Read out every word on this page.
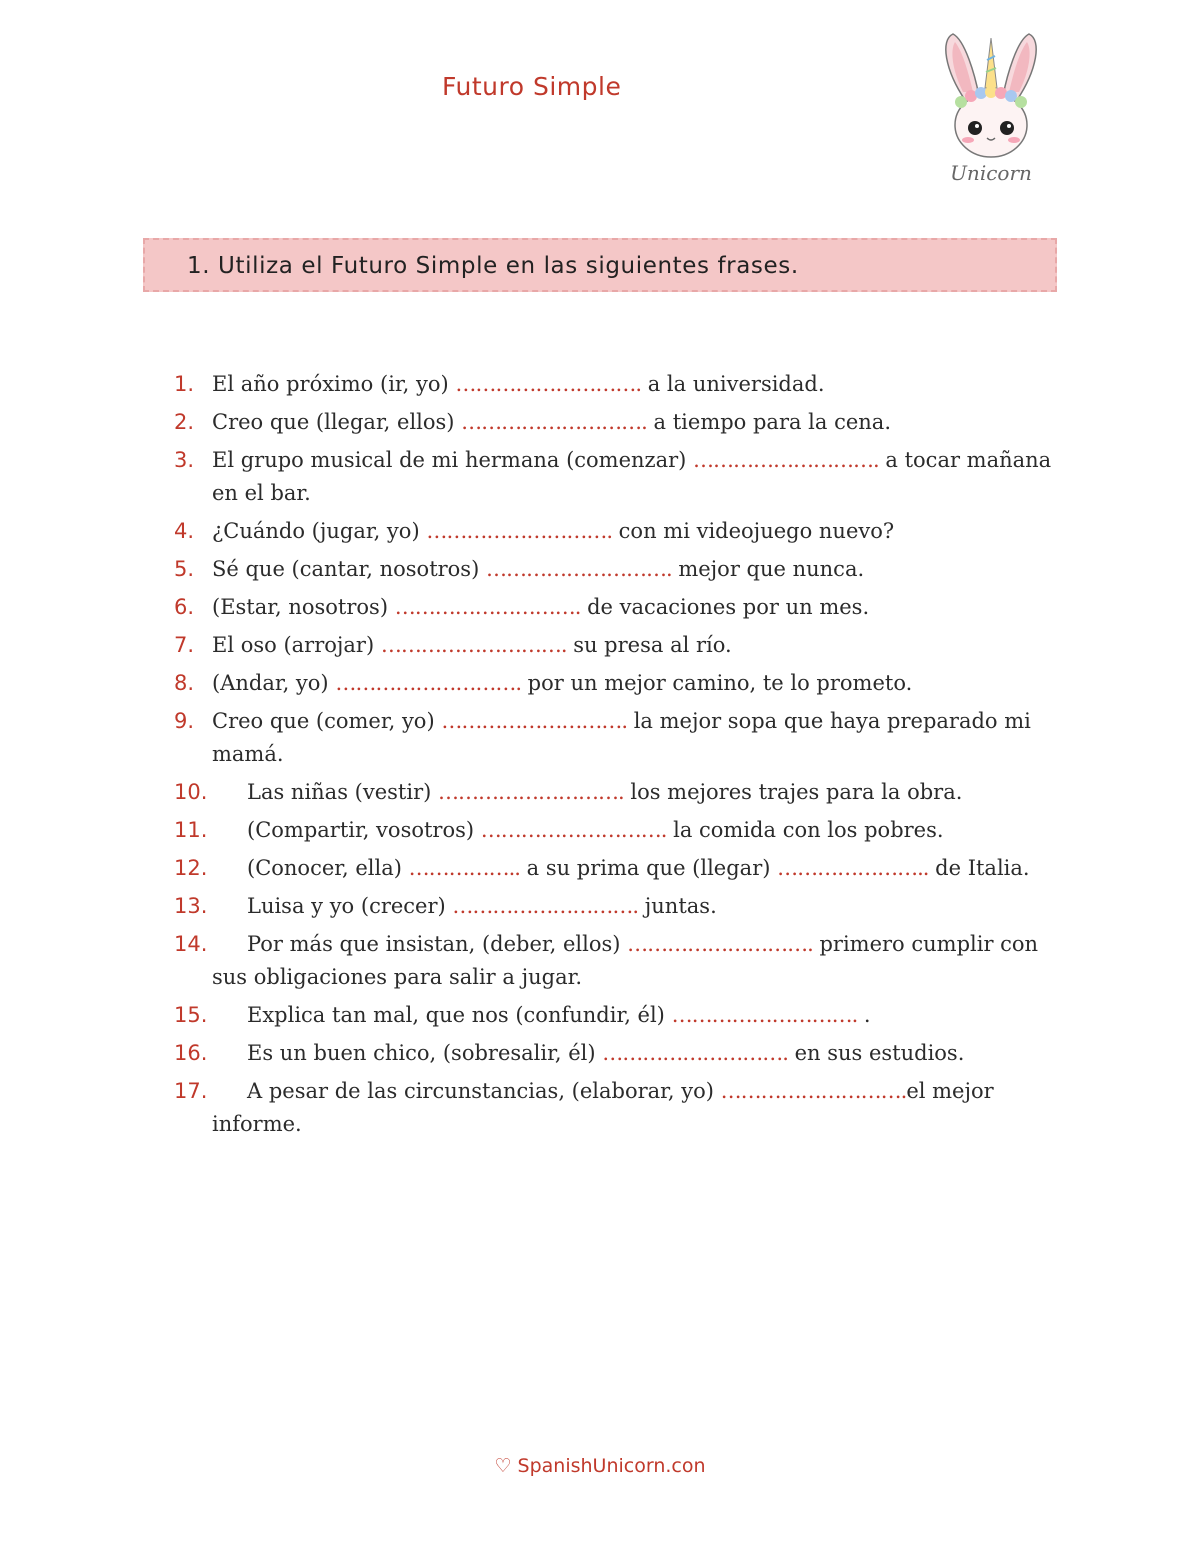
Futuro Simple
Unicorn
1. Utiliza el Futuro Simple en las siguientes frases.
1. El año próximo (ir, yo) ………………………. a la universidad.
2. Creo que (llegar, ellos) ………………………. a tiempo para la cena.
3. El grupo musical de mi hermana (comenzar) ………………………. a tocar mañana en el bar.
4. ¿Cuándo (jugar, yo) ………………………. con mi videojuego nuevo?
5. Sé que (cantar, nosotros) ………………………. mejor que nunca.
6. (Estar, nosotros) ………………………. de vacaciones por un mes.
7. El oso (arrojar) ………………………. su presa al río.
8. (Andar, yo) ………………………. por un mejor camino, te lo prometo.
9. Creo que (comer, yo) ………………………. la mejor sopa que haya preparado mi mamá.
10.	Las niñas (vestir) ………………………. los mejores trajes para la obra.
11.	(Compartir, vosotros) ………………………. la comida con los pobres.
12.	(Conocer, ella) …………….. a su prima que (llegar) ………………….. de Italia.
13.	Luisa y yo (crecer) ………………………. juntas.
14.	Por más que insistan, (deber, ellos) ………………………. primero cumplir con sus obligaciones para salir a jugar.
15.	Explica tan mal, que nos (confundir, él) ………………………. .
16.	Es un buen chico, (sobresalir, él) ………………………. en sus estudios.
17.	A pesar de las circunstancias, (elaborar, yo) ……………………….el mejor informe.
♡ SpanishUnicorn.con
